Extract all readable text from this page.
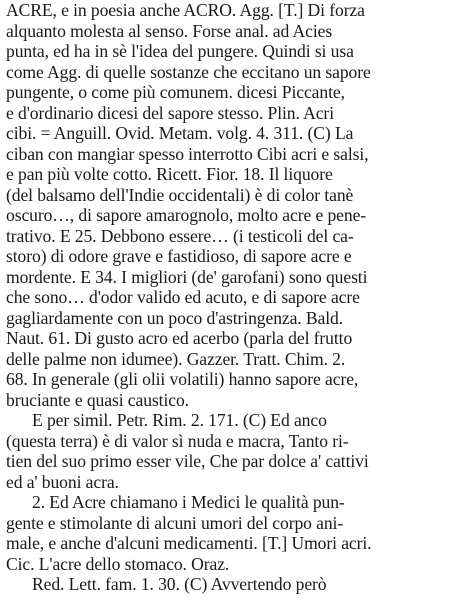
ACRE, e in poesia anche ACRO. Agg. [T.] Di forza
alquanto molesta al senso. Forse anal. ad Acies
punta, ed ha in sè l'idea del pungere. Quindi si usa
come Agg. di quelle sostanze che eccitano un sapore
pungente, o come più comunem. dicesi Piccante,
e d'ordinario dicesi del sapore stesso. Plin. Acri
cibi. = Anguill. Ovid. Metam. volg. 4. 311. (C) La
ciban con mangiar spesso interrotto Cibi acri e salsi,
e pan più volte cotto. Ricett. Fior. 18. Il liquore
(del balsamo dell'Indie occidentali) è di color tanè
oscuro…, di sapore amarognolo, molto acre e pene-
trativo. E 25. Debbono essere… (i testicoli del ca-
storo) di odore grave e fastidioso, di sapore acre e
mordente. E 34. I migliori (de' garofani) sono questi
che sono… d'odor valido ed acuto, e di sapore acre
gagliardamente con un poco d'astringenza. Bald.
Naut. 61. Di gusto acro ed acerbo (parla del frutto
delle palme non idumee). Gazzer. Tratt. Chim. 2.
68. In generale (gli olii volatili) hanno sapore acre,
bruciante e quasi caustico.
E per simil. Petr. Rim. 2. 171. (C) Ed anco
(questa terra) è di valor sì nuda e macra, Tanto ri-
tien del suo primo esser vile, Che par dolce a' cattivi
ed a' buoni acra.
2. Ed Acre chiamano i Medici le qualità pun-
gente e stimolante di alcuni umori del corpo ani-
male, e anche d'alcuni medicamenti. [T.] Umori acri.
Cic. L'acre dello stomaco. Oraz.
Red. Lett. fam. 1. 30. (C) Avvertendo però
